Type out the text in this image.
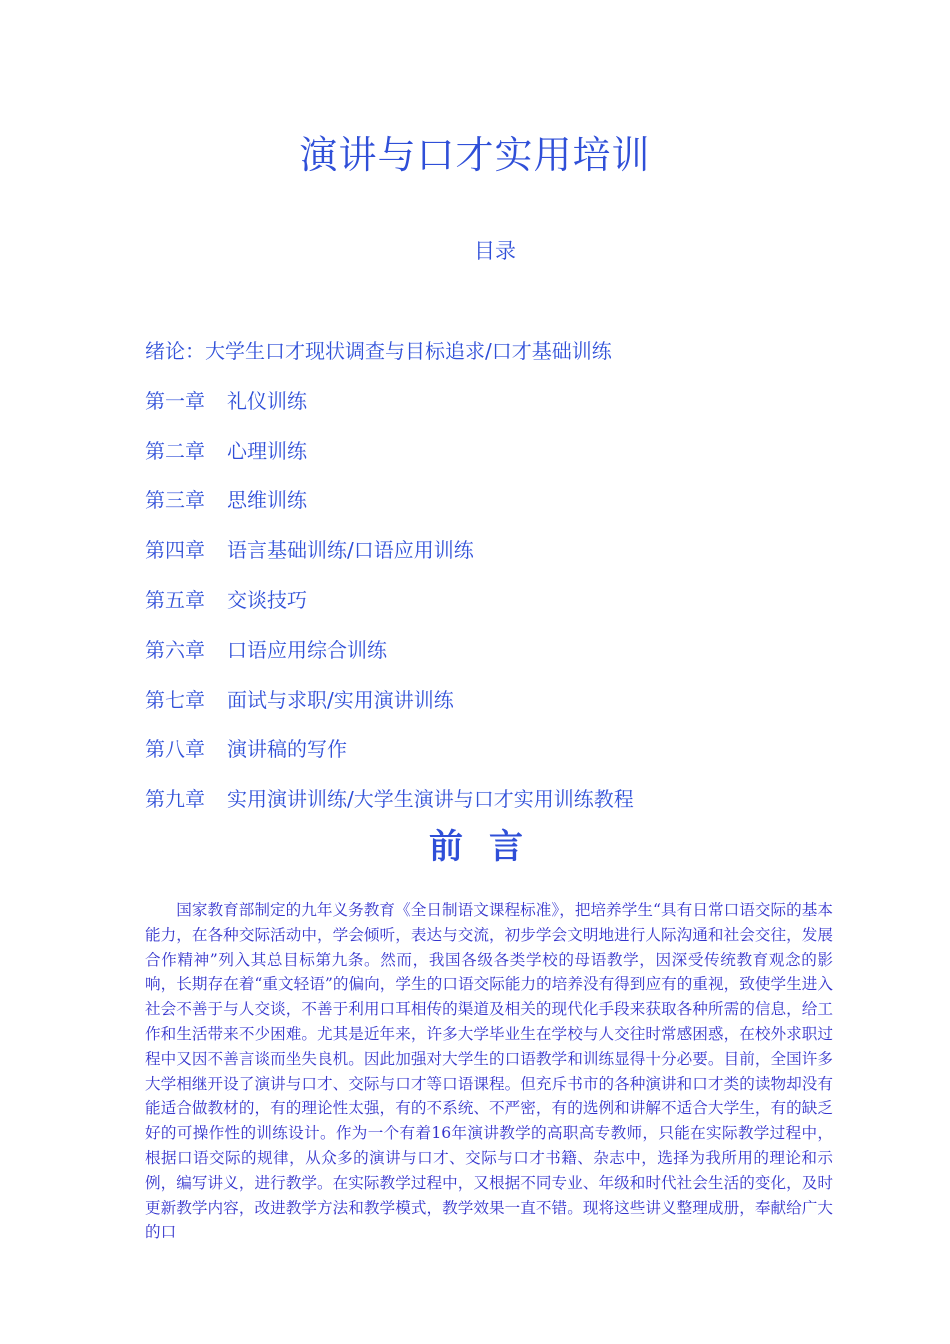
演讲与口才实用培训
目录
绪论：大学生口才现状调查与目标追求/口才基础训练
第一章 礼仪训练
第二章 心理训练
第三章 思维训练
第四章 语言基础训练/口语应用训练
第五章 交谈技巧
第六章 口语应用综合训练
第七章 面试与求职/实用演讲训练
第八章 演讲稿的写作
第九章 实用演讲训练/大学生演讲与口才实用训练教程
前言

国家教育部制定的九年义务教育《全日制语文课程标准》，把培养学生“具有日常口语交际的基本能力，在各种交际活动中，学会倾听，表达与交流，初步学会文明地进行人际沟通和社会交往，发展合作精神”列入其总目标第九条。然而，我国各级各类学校的母语教学，因深受传统教育观念的影响，长期存在着“重文轻语”的偏向，学生的口语交际能力的培养没有得到应有的重视，致使学生进入社会不善于与人交谈，不善于利用口耳相传的渠道及相关的现代化手段来获取各种所需的信息，给工作和生活带来不少困难。尤其是近年来，许多大学毕业生在学校与人交往时常感困惑，在校外求职过程中又因不善言谈而坐失良机。因此加强对大学生的口语教学和训练显得十分必要。目前，全国许多大学相继开设了演讲与口才、交际与口才等口语课程。但充斥书市的各种演讲和口才类的读物却没有能适合做教材的，有的理论性太强，有的不系统、不严密，有的选例和讲解不适合大学生，有的缺乏好的可操作性的训练设计。作为一个有着16年演讲教学的高职高专教师，只能在实际教学过程中，根据口语交际的规律，从众多的演讲与口才、交际与口才书籍、杂志中，选择为我所用的理论和示例，编写讲义，进行教学。在实际教学过程中，又根据不同专业、年级和时代社会生活的变化，及时更新教学内容，改进教学方法和教学模式，教学效果一直不错。现将这些讲义整理成册，奉献给广大的口
